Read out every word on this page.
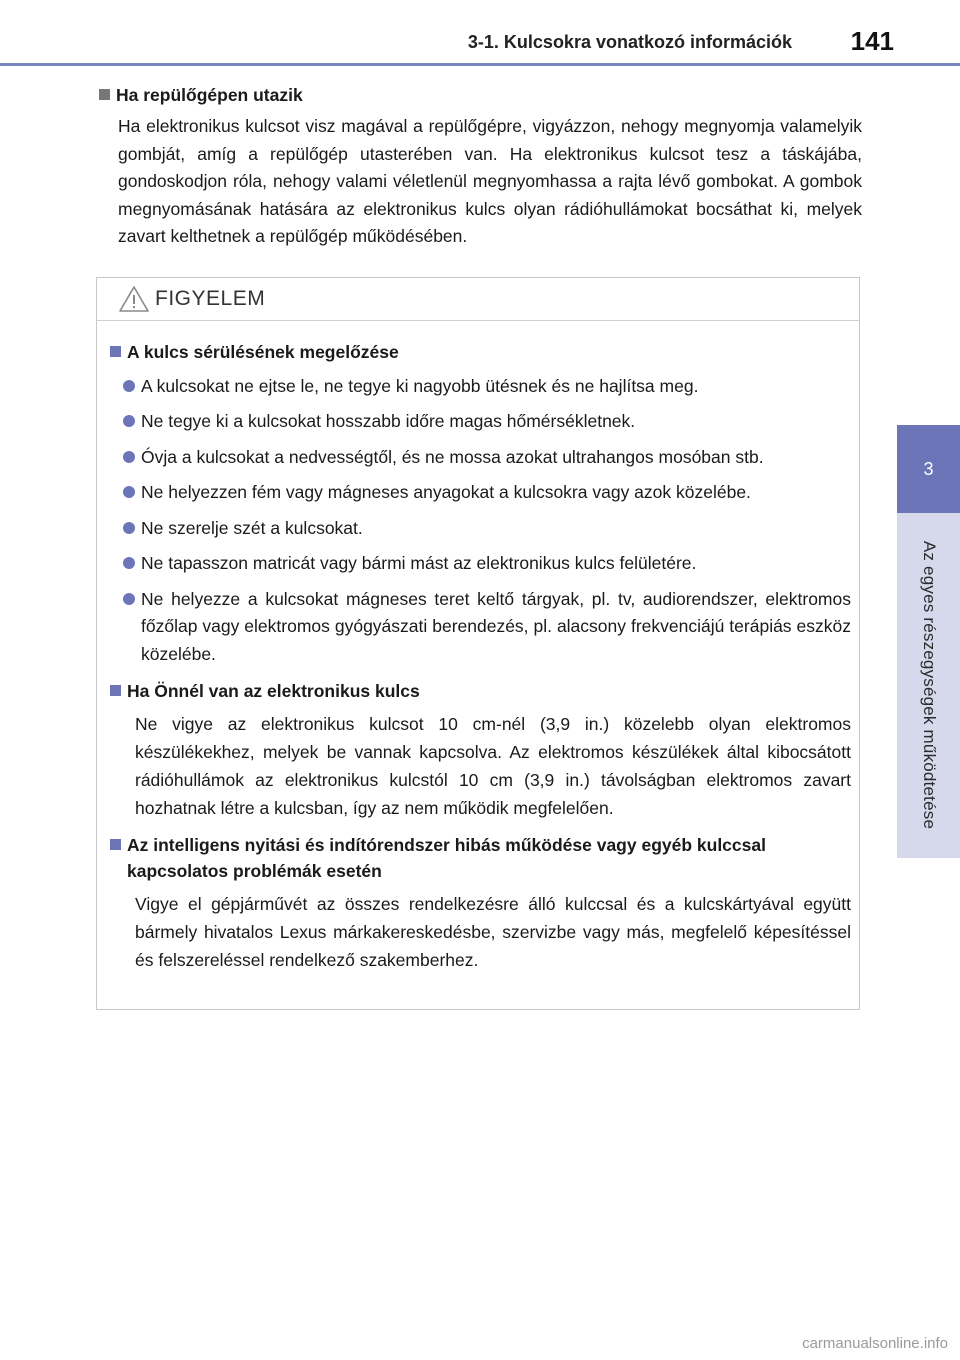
3-1. Kulcsokra vonatkozó információk 141
3
Az egyes részegységek működtetése
Ha repülőgépen utazik

Ha elektronikus kulcsot visz magával a repülőgépre, vigyázzon, nehogy megnyomja valamelyik gombját, amíg a repülőgép utasterében van. Ha elektronikus kulcsot tesz a táskájába, gondoskodjon róla, nehogy valami véletlenül megnyomhassa a rajta lévő gombokat. A gombok megnyomásának hatására az elektronikus kulcs olyan rádióhullámokat bocsáthat ki, melyek zavart kelthetnek a repülőgép működésében.

FIGYELEM
A kulcs sérülésének megelőzése
A kulcsokat ne ejtse le, ne tegye ki nagyobb ütésnek és ne hajlítsa meg.
Ne tegye ki a kulcsokat hosszabb időre magas hőmérsékletnek.
Óvja a kulcsokat a nedvességtől, és ne mossa azokat ultrahangos mosóban stb.
Ne helyezzen fém vagy mágneses anyagokat a kulcsokra vagy azok közelébe.
Ne szerelje szét a kulcsokat.
Ne tapasszon matricát vagy bármi mást az elektronikus kulcs felületére.
Ne helyezze a kulcsokat mágneses teret keltő tárgyak, pl. tv, audiorendszer, elektromos főzőlap vagy elektromos gyógyászati berendezés, pl. alacsony frekvenciájú terápiás eszköz közelébe.
Ha Önnél van az elektronikus kulcs

Ne vigye az elektronikus kulcsot 10 cm-nél (3,9 in.) közelebb olyan elektromos készülékekhez, melyek be vannak kapcsolva. Az elektromos készülékek által kibocsátott rádióhullámok az elektronikus kulcstól 10 cm (3,9 in.) távolságban elektromos zavart hozhatnak létre a kulcsban, így az nem működik megfelelően.

Az intelligens nyitási és indítórendszer hibás működése vagy egyéb kulccsal kapcsolatos problémák esetén

Vigye el gépjárművét az összes rendelkezésre álló kulccsal és a kulcskártyával együtt bármely hivatalos Lexus márkakereskedésbe, szervizbe vagy más, megfelelő képesítéssel és felszereléssel rendelkező szakemberhez.

carmanualsonline.info
